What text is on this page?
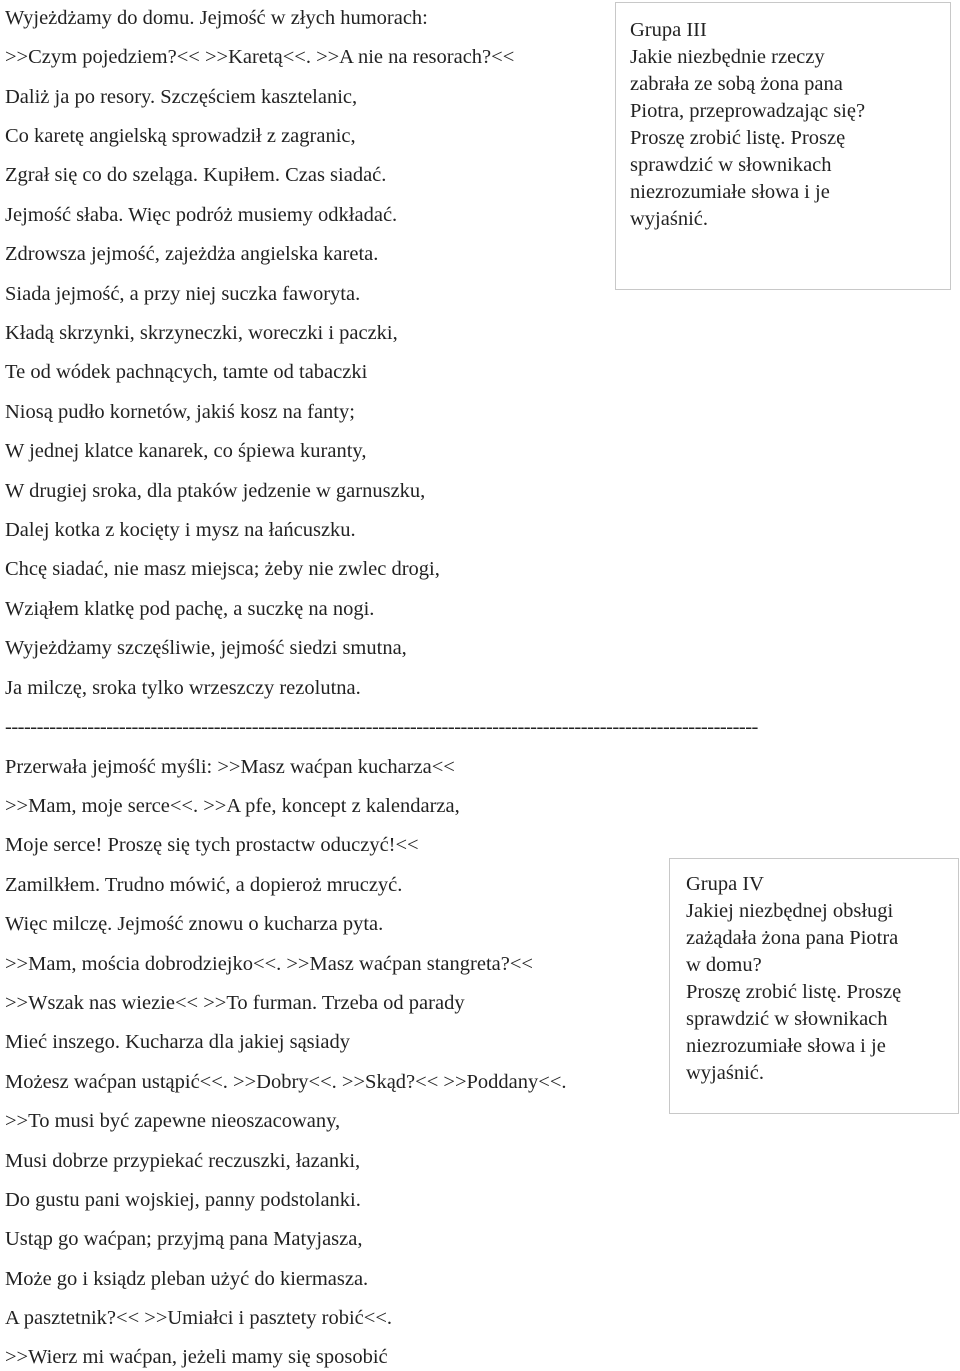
Wyjeżdżamy do domu. Jejmość w złych humorach:
>>Czym pojedziem?<< >>Karetą<<. >>A nie na resorach?<<
Daliż ja po resory. Szczęściem kasztelanic,
Co karetę angielską sprowadził z zagranic,
Zgrał się co do szeląga. Kupiłem. Czas siadać.
Jejmość słaba. Więc podróż musiemy odkładać.
Zdrowsza jejmość, zajeżdża angielska kareta.
Siada jejmość, a przy niej suczka faworyta.
Kładą skrzynki, skrzyneczki, woreczki i paczki,
Te od wódek pachnących, tamte od tabaczki
Niosą pudło kornetów, jakiś kosz na fanty;
W jednej klatce kanarek, co śpiewa kuranty,
W drugiej sroka, dla ptaków jedzenie w garnuszku,
Dalej kotka z kocięty i mysz na łańcuszku.
Chcę siadać, nie masz miejsca; żeby nie zwlec drogi,
Wziąłem klatkę pod pachę, a suczkę na nogi.
Wyjeżdżamy szczęśliwie, jejmość siedzi smutna,
Ja milczę, sroka tylko wrzeszczy rezolutna.
-----------------------------------------------------------------------------------------------------------------------
Przerwała jejmość myśli: >>Masz waćpan kucharza<<
>>Mam, moje serce<<. >>A pfe, koncept z kalendarza,
Moje serce! Proszę się tych prostactw oduczyć!<<
Zamilkłem. Trudno mówić, a dopieroż mruczyć.
Więc milczę. Jejmość znowu o kucharza pyta.
>>Mam, mościa dobrodziejko<<. >>Masz waćpan stangreta?<<
>>Wszak nas wiezie<< >>To furman. Trzeba od parady
Mieć inszego. Kucharza dla jakiej sąsiady
Możesz waćpan ustąpić<<. >>Dobry<<. >>Skąd?<< >>Poddany<<.
>>To musi być zapewne nieoszacowany,
Musi dobrze przypiekać reczuszki, łazanki,
Do gustu pani wojskiej, panny podstolanki.
Ustąp go waćpan; przyjmą pana Matyjasza,
Może go i ksiądz pleban użyć do kiermasza.
A pasztetnik?<< >>Umiałci i pasztety robić<<.
>>Wierz mi waćpan, jeżeli mamy się sposobić
Grupa III
Jakie niezbędnie rzeczy
zabrała ze sobą żona pana
Piotra, przeprowadzając się?
Proszę zrobić listę. Proszę
sprawdzić w słownikach
niezrozumiałe słowa i je
wyjaśnić.
Grupa IV
Jakiej niezbędnej obsługi
zażądała żona pana Piotra
w domu?
Proszę zrobić listę. Proszę
sprawdzić w słownikach
niezrozumiałe słowa i je
wyjaśnić.
